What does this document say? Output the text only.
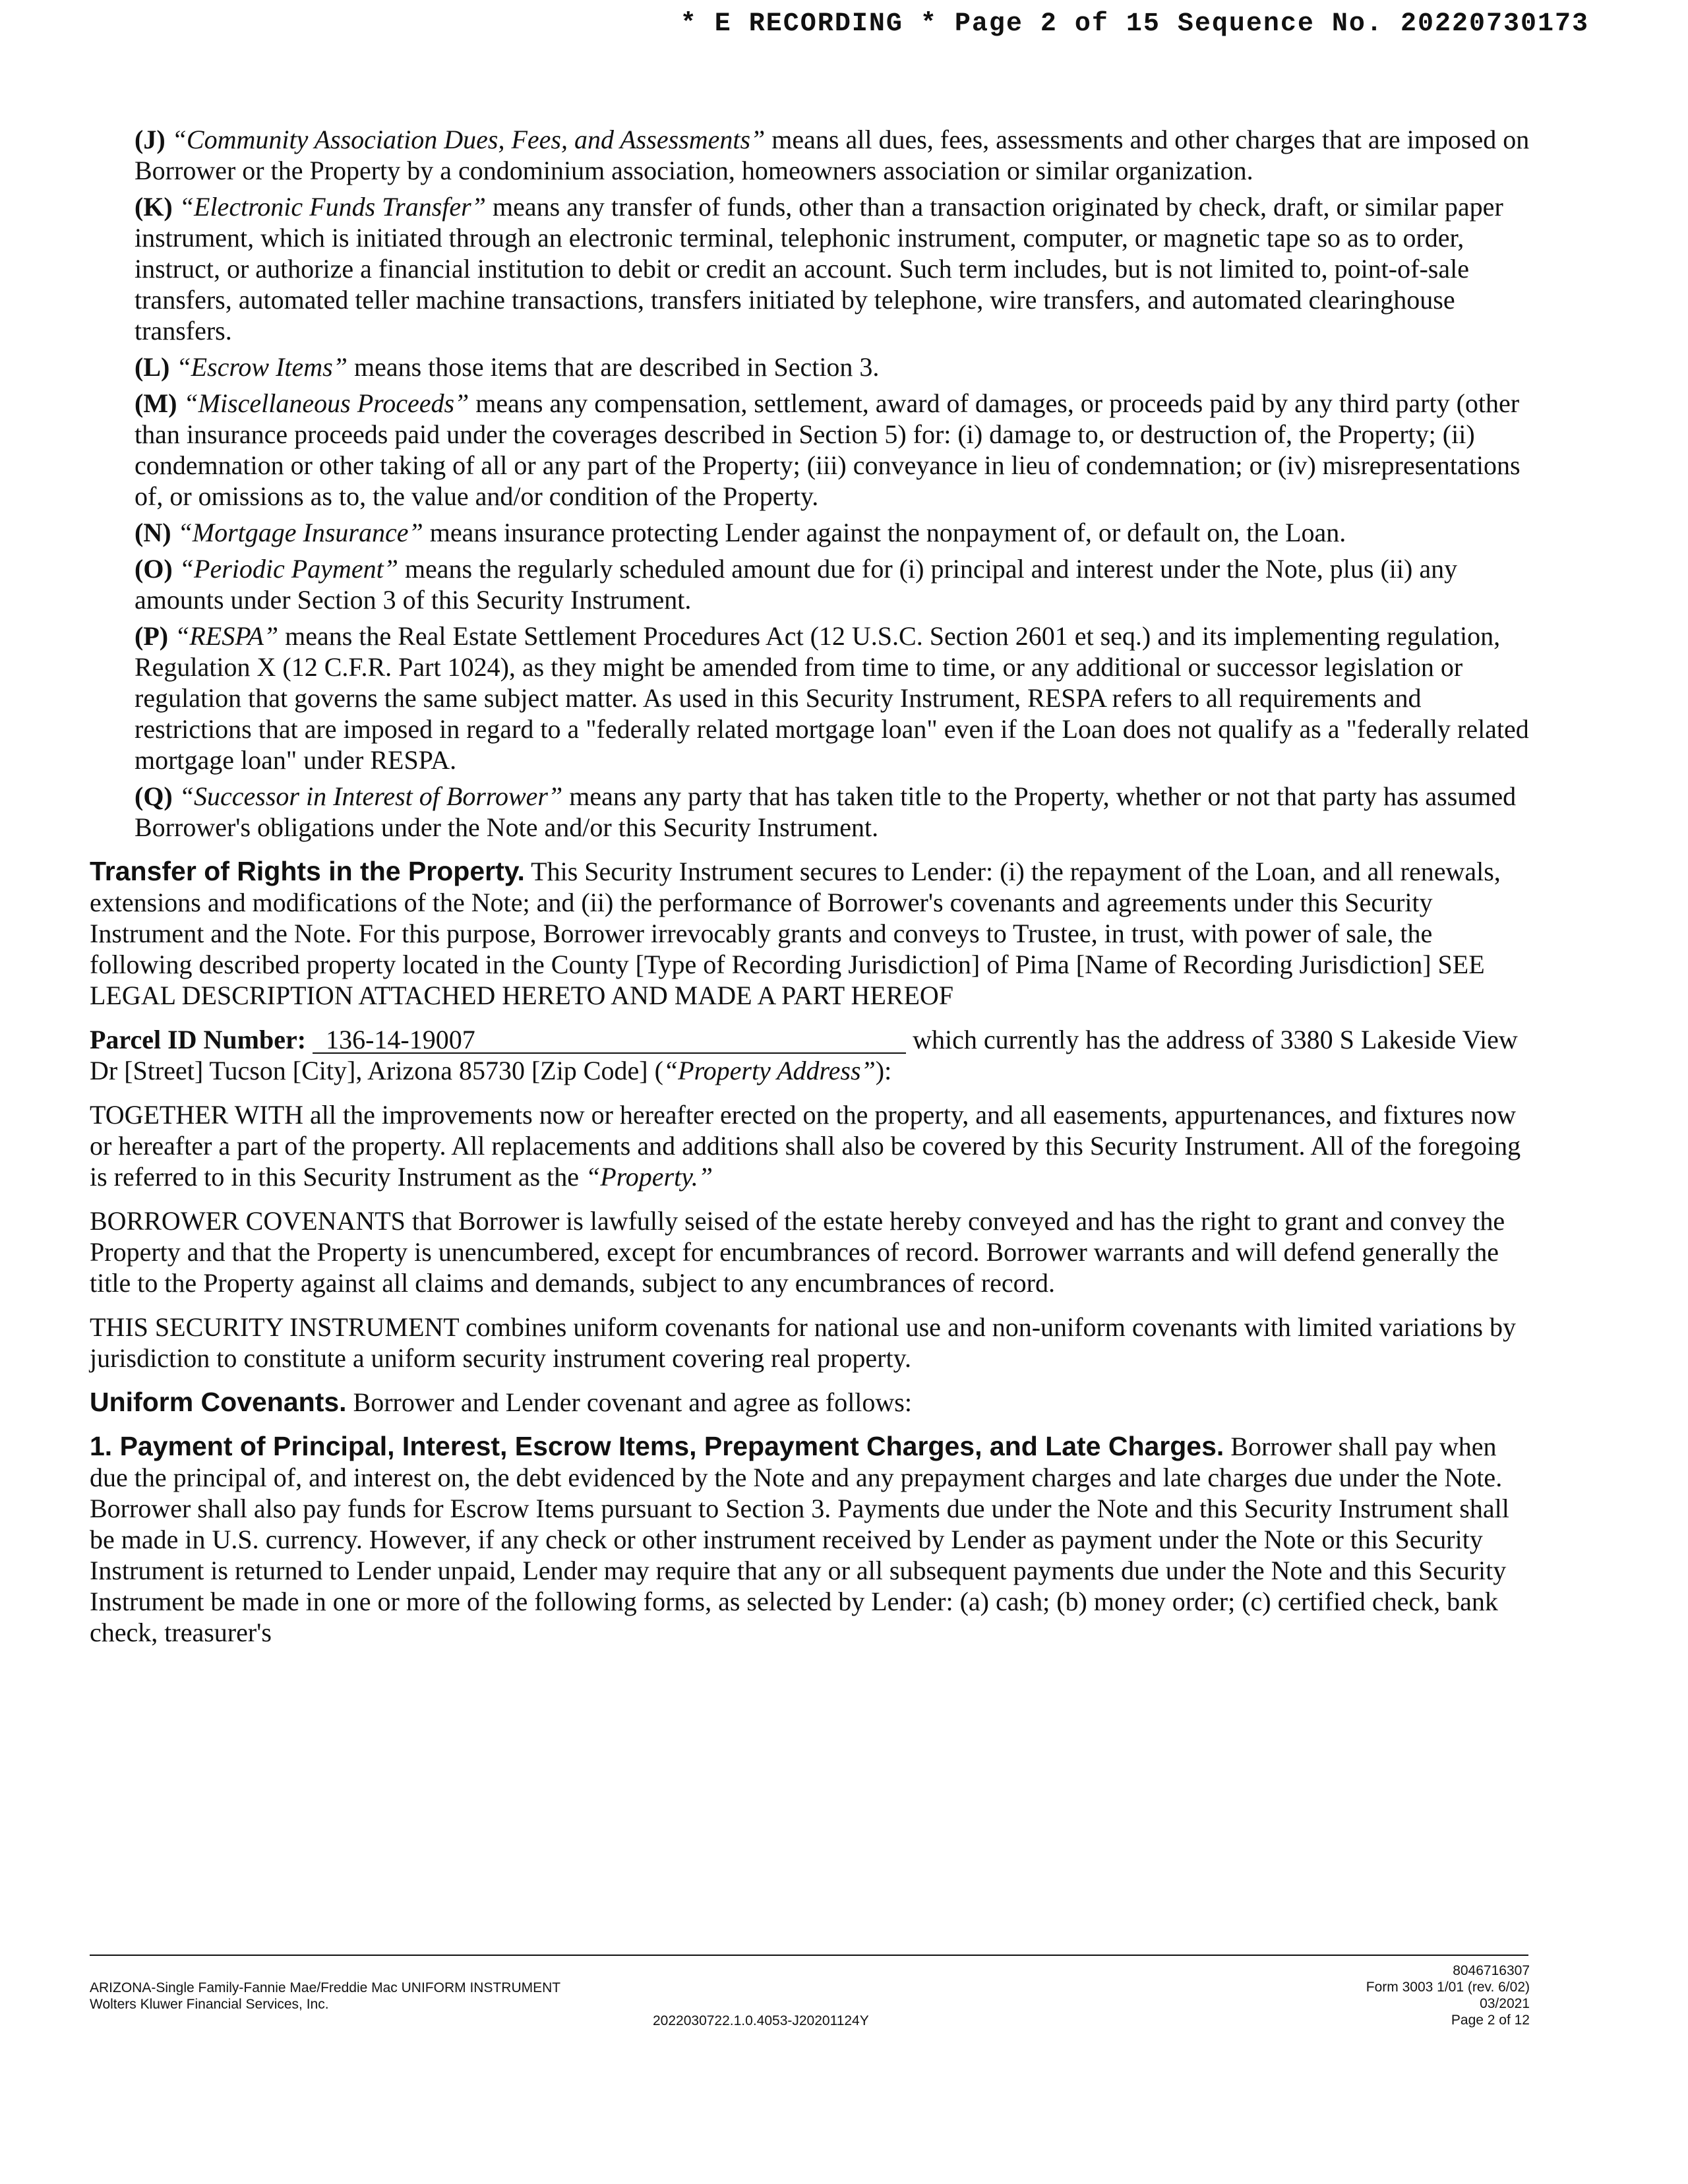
* E RECORDING * Page 2 of 15 Sequence No. 20220730173
(J) “Community Association Dues, Fees, and Assessments” means all dues, fees, assessments and other charges that are imposed on Borrower or the Property by a condominium association, homeowners association or similar organization.
(K) “Electronic Funds Transfer” means any transfer of funds, other than a transaction originated by check, draft, or similar paper instrument, which is initiated through an electronic terminal, telephonic instrument, computer, or magnetic tape so as to order, instruct, or authorize a financial institution to debit or credit an account. Such term includes, but is not limited to, point-of-sale transfers, automated teller machine transactions, transfers initiated by telephone, wire transfers, and automated clearinghouse transfers.
(L) “Escrow Items” means those items that are described in Section 3.
(M) “Miscellaneous Proceeds” means any compensation, settlement, award of damages, or proceeds paid by any third party (other than insurance proceeds paid under the coverages described in Section 5) for: (i) damage to, or destruction of, the Property; (ii) condemnation or other taking of all or any part of the Property; (iii) conveyance in lieu of condemnation; or (iv) misrepresentations of, or omissions as to, the value and/or condition of the Property.
(N) “Mortgage Insurance” means insurance protecting Lender against the nonpayment of, or default on, the Loan.
(O) “Periodic Payment” means the regularly scheduled amount due for (i) principal and interest under the Note, plus (ii) any amounts under Section 3 of this Security Instrument.
(P) “RESPA” means the Real Estate Settlement Procedures Act (12 U.S.C. Section 2601 et seq.) and its implementing regulation, Regulation X (12 C.F.R. Part 1024), as they might be amended from time to time, or any additional or successor legislation or regulation that governs the same subject matter. As used in this Security Instrument, RESPA refers to all requirements and restrictions that are imposed in regard to a "federally related mortgage loan" even if the Loan does not qualify as a "federally related mortgage loan" under RESPA.
(Q) “Successor in Interest of Borrower” means any party that has taken title to the Property, whether or not that party has assumed Borrower's obligations under the Note and/or this Security Instrument.
Transfer of Rights in the Property. This Security Instrument secures to Lender: (i) the repayment of the Loan, and all renewals, extensions and modifications of the Note; and (ii) the performance of Borrower's covenants and agreements under this Security Instrument and the Note. For this purpose, Borrower irrevocably grants and conveys to Trustee, in trust, with power of sale, the following described property located in the County [Type of Recording Jurisdiction] of Pima [Name of Recording Jurisdiction] SEE LEGAL DESCRIPTION ATTACHED HERETO AND MADE A PART HEREOF
Parcel ID Number: 136-14-19007	which currently has the address of 3380 S Lakeside View Dr [Street] Tucson [City], Arizona 85730 [Zip Code] (“Property Address”):
TOGETHER WITH all the improvements now or hereafter erected on the property, and all easements, appurtenances, and fixtures now or hereafter a part of the property. All replacements and additions shall also be covered by this Security Instrument. All of the foregoing is referred to in this Security Instrument as the “Property.”
BORROWER COVENANTS that Borrower is lawfully seised of the estate hereby conveyed and has the right to grant and convey the Property and that the Property is unencumbered, except for encumbrances of record. Borrower warrants and will defend generally the title to the Property against all claims and demands, subject to any encumbrances of record.
THIS SECURITY INSTRUMENT combines uniform covenants for national use and non-uniform covenants with limited variations by jurisdiction to constitute a uniform security instrument covering real property.
Uniform Covenants. Borrower and Lender covenant and agree as follows:
1. Payment of Principal, Interest, Escrow Items, Prepayment Charges, and Late Charges. Borrower shall pay when due the principal of, and interest on, the debt evidenced by the Note and any prepayment charges and late charges due under the Note. Borrower shall also pay funds for Escrow Items pursuant to Section 3. Payments due under the Note and this Security Instrument shall be made in U.S. currency. However, if any check or other instrument received by Lender as payment under the Note or this Security Instrument is returned to Lender unpaid, Lender may require that any or all subsequent payments due under the Note and this Security Instrument be made in one or more of the following forms, as selected by Lender: (a) cash; (b) money order; (c) certified check, bank check, treasurer's
ARIZONA-Single Family-Fannie Mae/Freddie Mac UNIFORM INSTRUMENT
Wolters Kluwer Financial Services, Inc.
2022030722.1.0.4053-J20201124Y
8046716307
Form 3003 1/01 (rev. 6/02)
03/2021
Page 2 of 12
